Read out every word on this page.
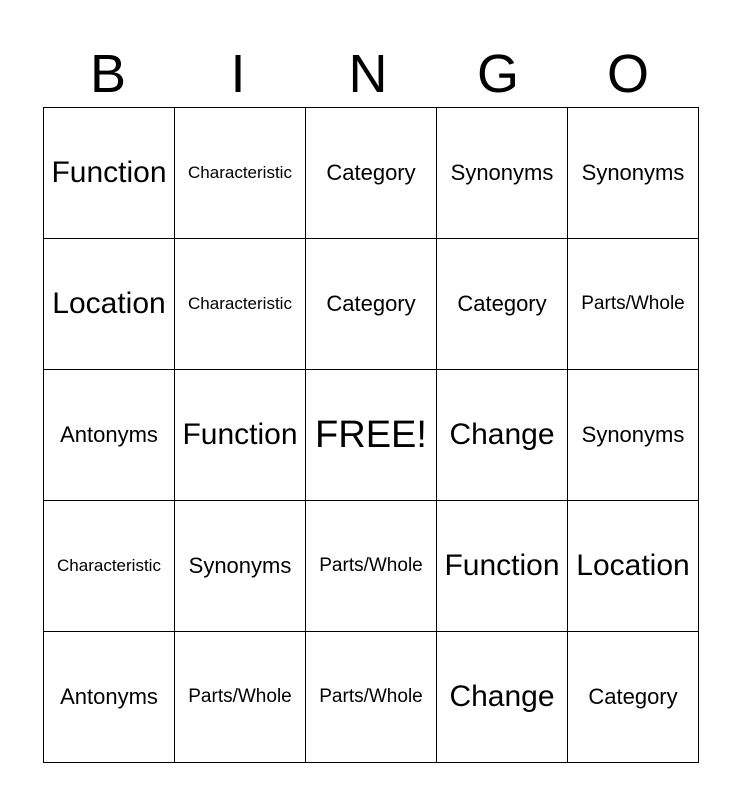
B	I	N	G	O
Function	Characteristic	Category	Synonyms	Synonyms
Location	Characteristic	Category	Category	Parts/Whole
Antonyms	Function	FREE!	Change	Synonyms
Characteristic	Synonyms	Parts/Whole	Function	Location
Antonyms	Parts/Whole	Parts/Whole	Change	Category
